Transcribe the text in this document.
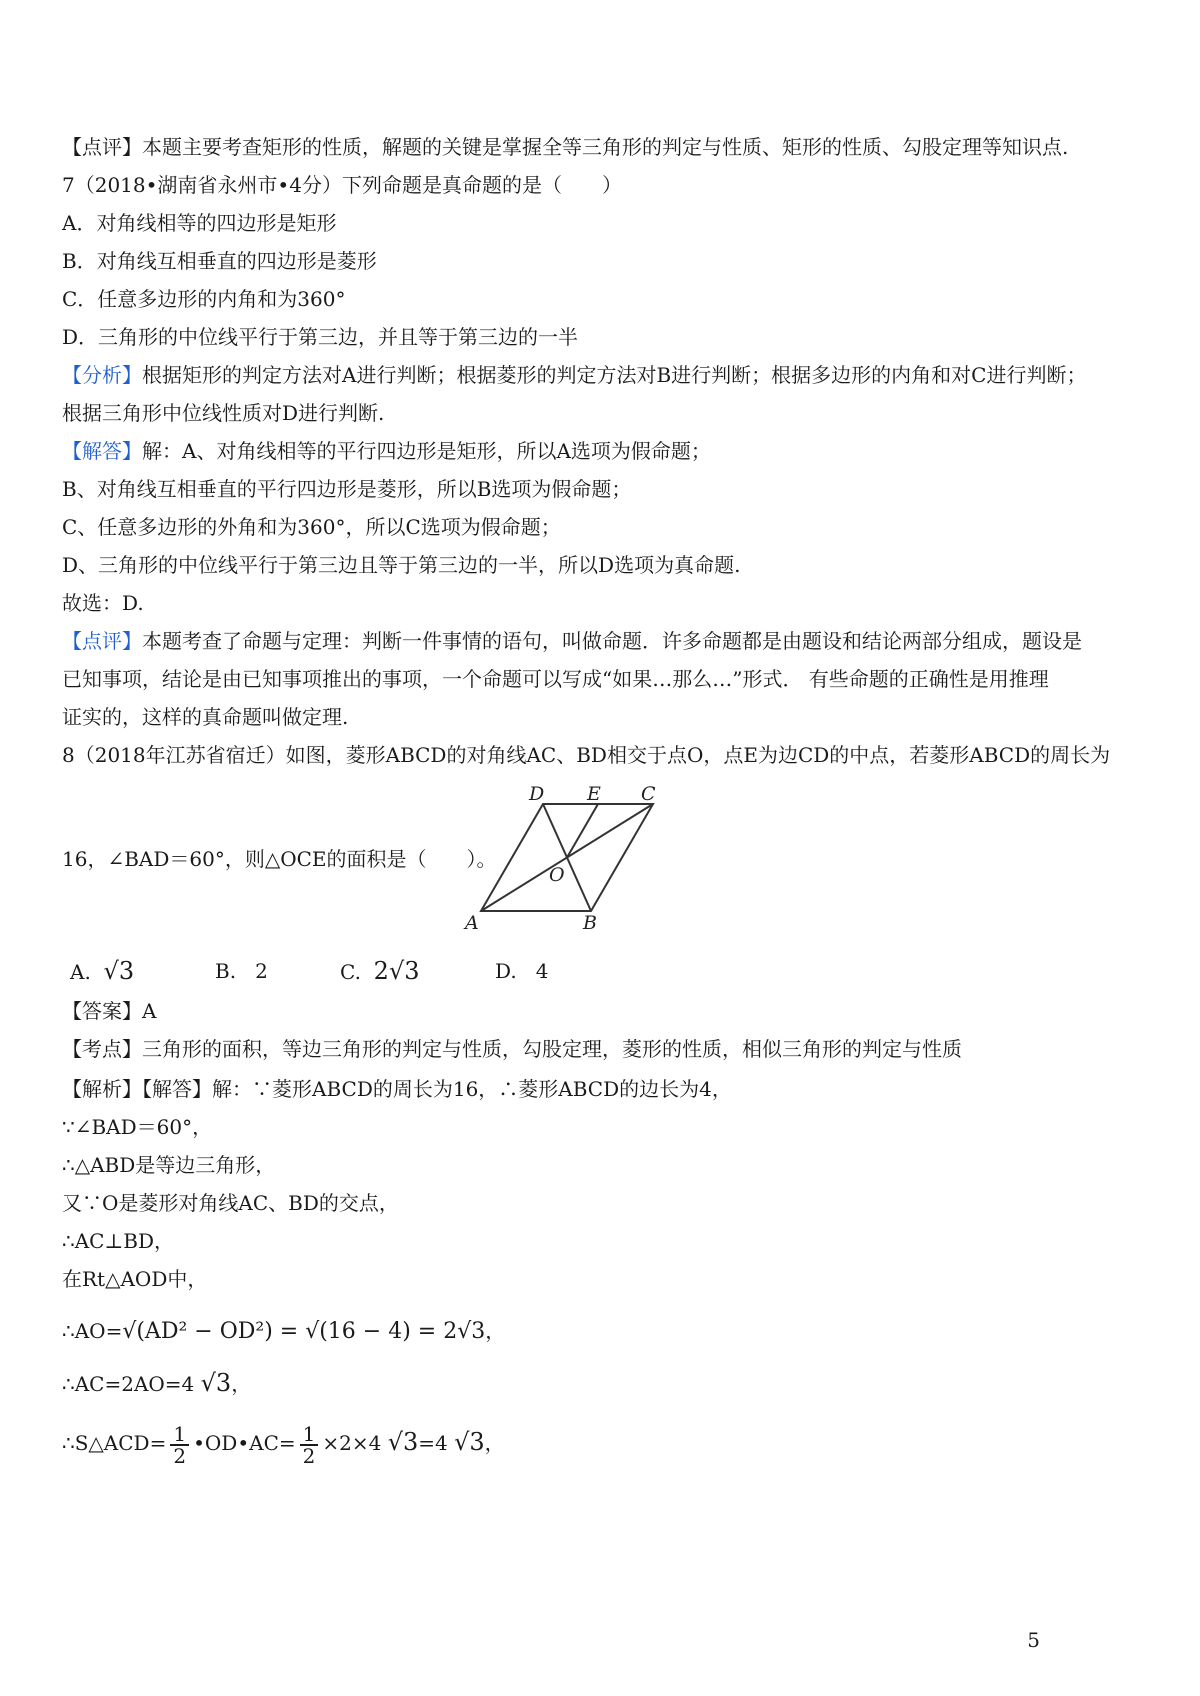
【点评】本题主要考查矩形的性质，解题的关键是掌握全等三角形的判定与性质、矩形的性质、勾股定理等知识点.
7（2018•湖南省永州市•4分）下列命题是真命题的是（　　）
A．对角线相等的四边形是矩形
B．对角线互相垂直的四边形是菱形
C．任意多边形的内角和为360°
D．三角形的中位线平行于第三边，并且等于第三边的一半
【分析】根据矩形的判定方法对A进行判断；根据菱形的判定方法对B进行判断；根据多边形的内角和对C进行判断；
根据三角形中位线性质对D进行判断.
【解答】解：A、对角线相等的平行四边形是矩形，所以A选项为假命题；
B、对角线互相垂直的平行四边形是菱形，所以B选项为假命题；
C、任意多边形的外角和为360°，所以C选项为假命题；
D、三角形的中位线平行于第三边且等于第三边的一半，所以D选项为真命题.
故选：D.
【点评】本题考查了命题与定理：判断一件事情的语句，叫做命题．许多命题都是由题设和结论两部分组成，题设是
已知事项，结论是由已知事项推出的事项，一个命题可以写成“如果…那么…”形式． 有些命题的正确性是用推理
证实的，这样的真命题叫做定理.
8（2018年江苏省宿迁）如图，菱形ABCD的对角线AC、BD相交于点O，点E为边CD的中点，若菱形ABCD的周长为
16，∠BAD＝60°，则△OCE的面积是（　　）。
D E C
O
A	B
A. √3	B. 2	C. 2√3	D. 4
【答案】A
【考点】三角形的面积，等边三角形的判定与性质，勾股定理，菱形的性质，相似三角形的判定与性质
【解析】【解答】解：∵菱形ABCD的周长为16，∴菱形ABCD的边长为4，
∵∠BAD＝60°，
∴△ABD是等边三角形，
又∵O是菱形对角线AC、BD的交点，
∴AC⊥BD，
在Rt△AOD中，
∴AO=√(AD² − OD²) = √(16 − 4) = 2√3，
∴AC=2AO=4 √3，
∴S△ACD= $\frac{1}{2}$ •OD•AC= $\frac{1}{2} \times 2\times 4$ √3=4 √3，
5
